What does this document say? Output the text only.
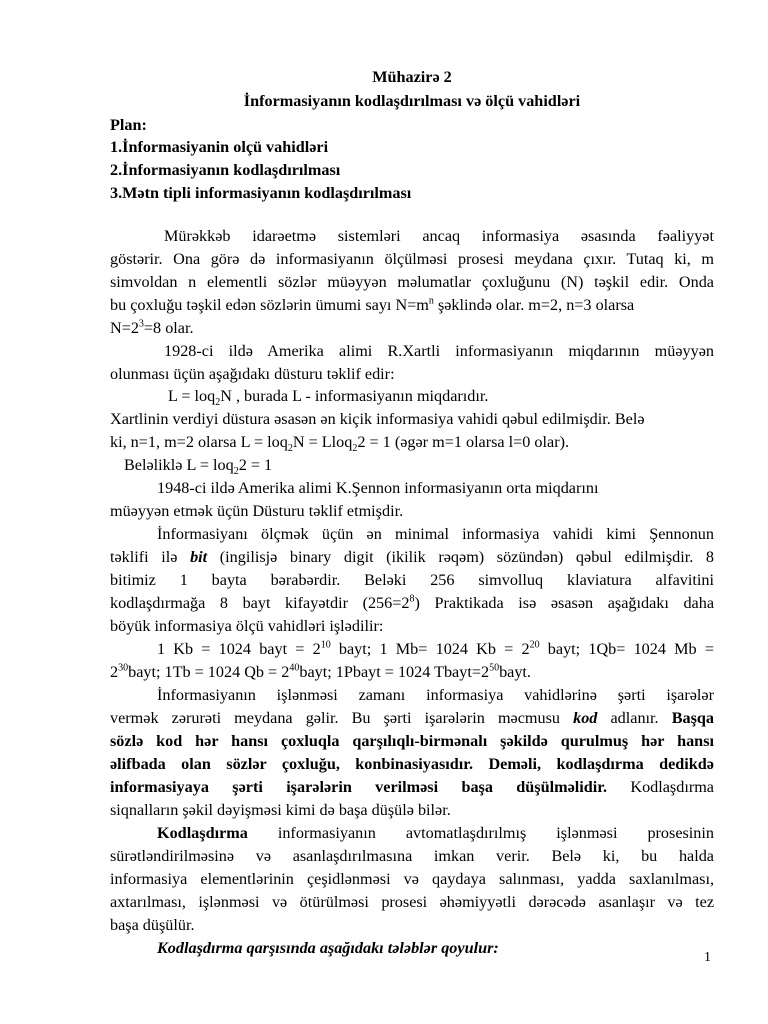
Mühazirə 2
İnformasiyanın kodlaşdırılması və ölçü vahidləri
Plan:
1.İnformasiyanin olçü vahidləri
2.İnformasiyanın kodlaşdırılması
3.Mətn tipli informasiyanın kodlaşdırılması
Mürəkkəb idarəetmə sistemləri ancaq informasiya əsasında fəaliyyət
göstərir. Ona görə də informasiyanın ölçülməsi prosesi meydana çıxır. Tutaq ki, m
simvoldan n elementli sözlər müəyyən məlumatlar çoxluğunu (N) təşkil edir. Onda
bu çoxluğu təşkil edən sözlərin ümumi sayı $N=m^n$ şəklində olar. m=2, n=3 olarsa
$N=2^3=8$ olar.
1928-ci ildə Amerika alimi R.Xartli informasiyanın miqdarının müəyyən
olunması üçün aşağıdakı düsturu təklif edir:
L = loq$_2$N , burada L - informasiyanın miqdarıdır.
Xartlinin verdiyi düstura əsasən ən kiçik informasiya vahidi qəbul edilmişdir. Belə
ki, n=1, m=2 olarsa L = loq$_2$N = Lloq$_2$2 = 1 (əgər m=1 olarsa l=0 olar).
Beləliklə L = loq$_2$2 = 1
1948-ci ildə Amerika alimi K.Şennon informasiyanın orta miqdarını
müəyyən etmək üçün Düsturu təklif etmişdir.
İnformasiyanı ölçmək üçün ən minimal informasiya vahidi kimi Şennonun
təklifi ilə bit (ingilisjə binary digit (ikilik rəqəm) sözündən) qəbul edilmişdir. 8
bitimiz 1 bayta bərabərdir. Beləki 256 simvolluq klaviatura alfavitini
kodlaşdırmağa 8 bayt kifayətdir $(256=2^8)$ Praktikada isə əsasən aşağıdakı daha
böyük informasiya ölçü vahidləri işlədilir:
1 Kb = 1024 bayt = $2^{10}$ bayt; 1 Mb= 1024 $Kb = 2^{20}$ bayt; 1Qb= 1024 Mb =
$2^{30}bayt$; 1Tb = 1024 $Qb = 2^{40}bayt$; 1Pbayt = 1024 $Tbayt=2^{50}bayt$.
İnformasiyanın işlənməsi zamanı informasiya vahidlərinə şərti işarələr
vermək zərurəti meydana gəlir. Bu şərti işarələrin məcmusu kod adlanır. Başqa
sözlə kod hər hansı çoxluqla qarşılıqlı-birmənalı şəkildə qurulmuş hər hansı
əlifbada olan sözlər çoxluğu, konbinasiyasıdır. Deməli, kodlaşdırma dedikdə
informasiyaya şərti işarələrin verilməsi başa düşülməlidir. Kodlaşdırma
siqnalların şəkil dəyişməsi kimi də başa düşülə bilər.
Kodlaşdırma informasiyanın avtomatlaşdırılmış işlənməsi prosesinin
sürətləndirilməsinə və asanlaşdırılmasına imkan verir. Belə ki, bu halda
informasiya elementlərinin çeşidlənməsi və qaydaya salınması, yadda saxlanılması,
axtarılması, işlənməsi və ötürülməsi prosesi əhəmiyyətli dərəcədə asanlaşır və tez
başa düşülür.
Kodlaşdırma qarşısında aşağıdakı tələblər qoyulur:
1
